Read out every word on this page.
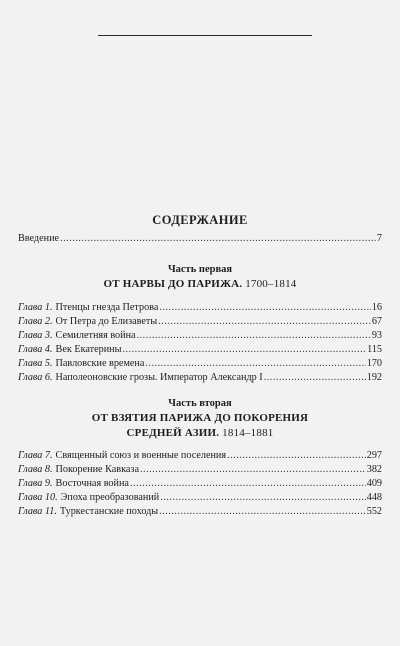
СОДЕРЖАНИЕ
Введение .....	7
Часть первая
ОТ НАРВЫ ДО ПАРИЖА. 1700–1814
Глава 1. Птенцы гнезда Петрова .....	16
Глава 2. От Петра до Елизаветы .....	67
Глава 3. Семилетняя война .....	93
Глава 4. Век Екатерины .....	115
Глава 5. Павловские времена .....	170
Глава 6. Наполеоновские грозы. Император Александр I .....	192
Часть вторая
ОТ ВЗЯТИЯ ПАРИЖА ДО ПОКОРЕНИЯ
СРЕДНЕЙ АЗИИ. 1814–1881
Глава 7. Священный союз и военные поселения .....	297
Глава 8. Покорение Кавказа .....	382
Глава 9. Восточная война .....	409
Глава 10. Эпоха преобразований .....	448
Глава 11. Туркестанские походы .....	552
